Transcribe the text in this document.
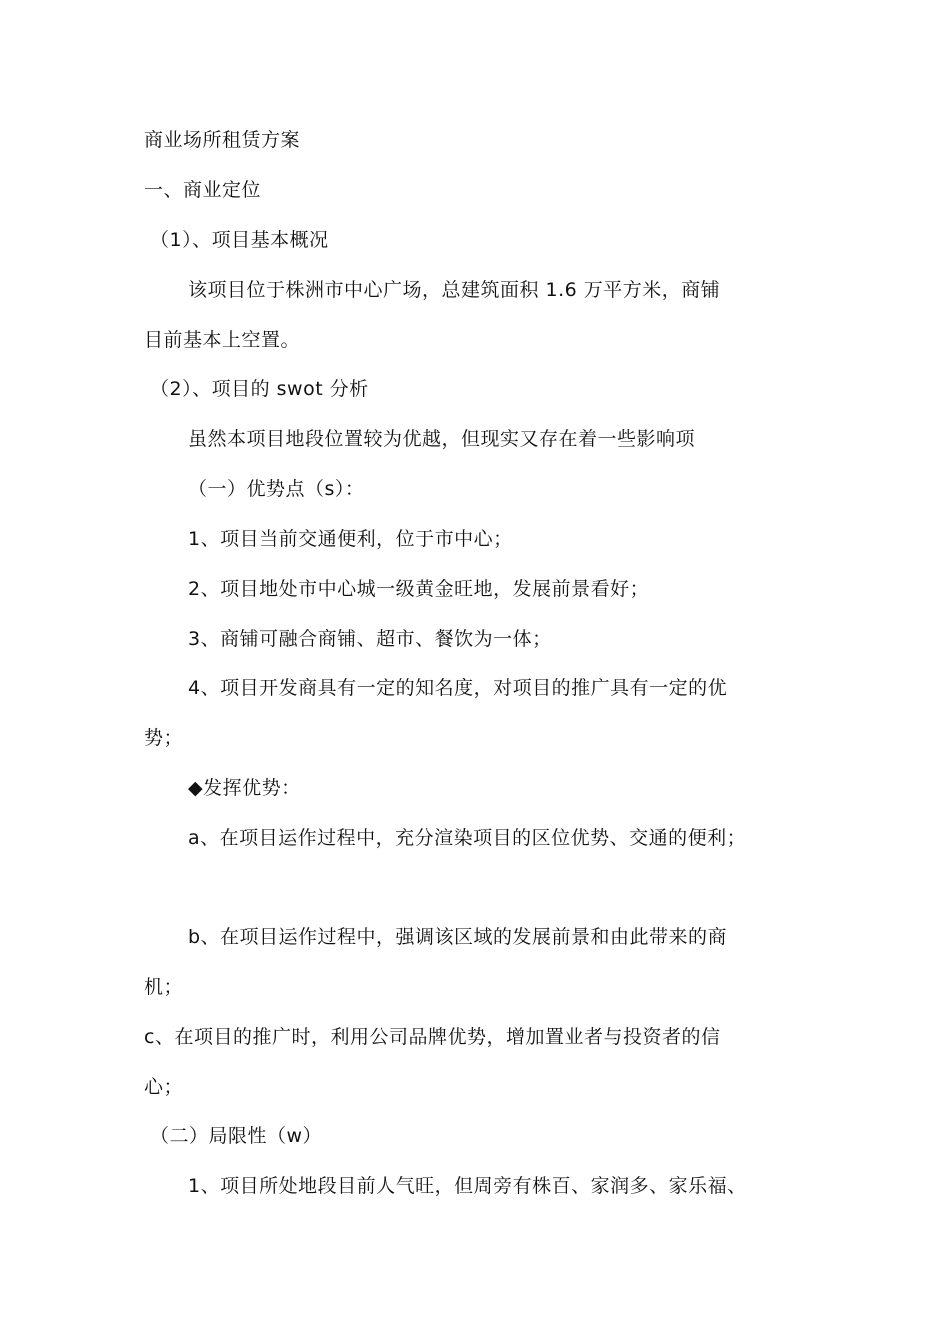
商业场所租赁方案
一、商业定位
（1）、项目基本概况
该项目位于株洲市中心广场，总建筑面积 1.6 万平方米，商铺
目前基本上空置。
（2）、项目的 swot 分析
虽然本项目地段位置较为优越，但现实又存在着一些影响项
（一）优势点（s）：
1、项目当前交通便利，位于市中心；
2、项目地处市中心城一级黄金旺地，发展前景看好；
3、商铺可融合商铺、超市、餐饮为一体；
4、项目开发商具有一定的知名度，对项目的推广具有一定的优
势；
◆发挥优势：
a、在项目运作过程中，充分渲染项目的区位优势、交通的便利；
b、在项目运作过程中，强调该区域的发展前景和由此带来的商
机；
c、在项目的推广时，利用公司品牌优势，增加置业者与投资者的信
心；
（二）局限性（w）
1、项目所处地段目前人气旺，但周旁有株百、家润多、家乐福、
